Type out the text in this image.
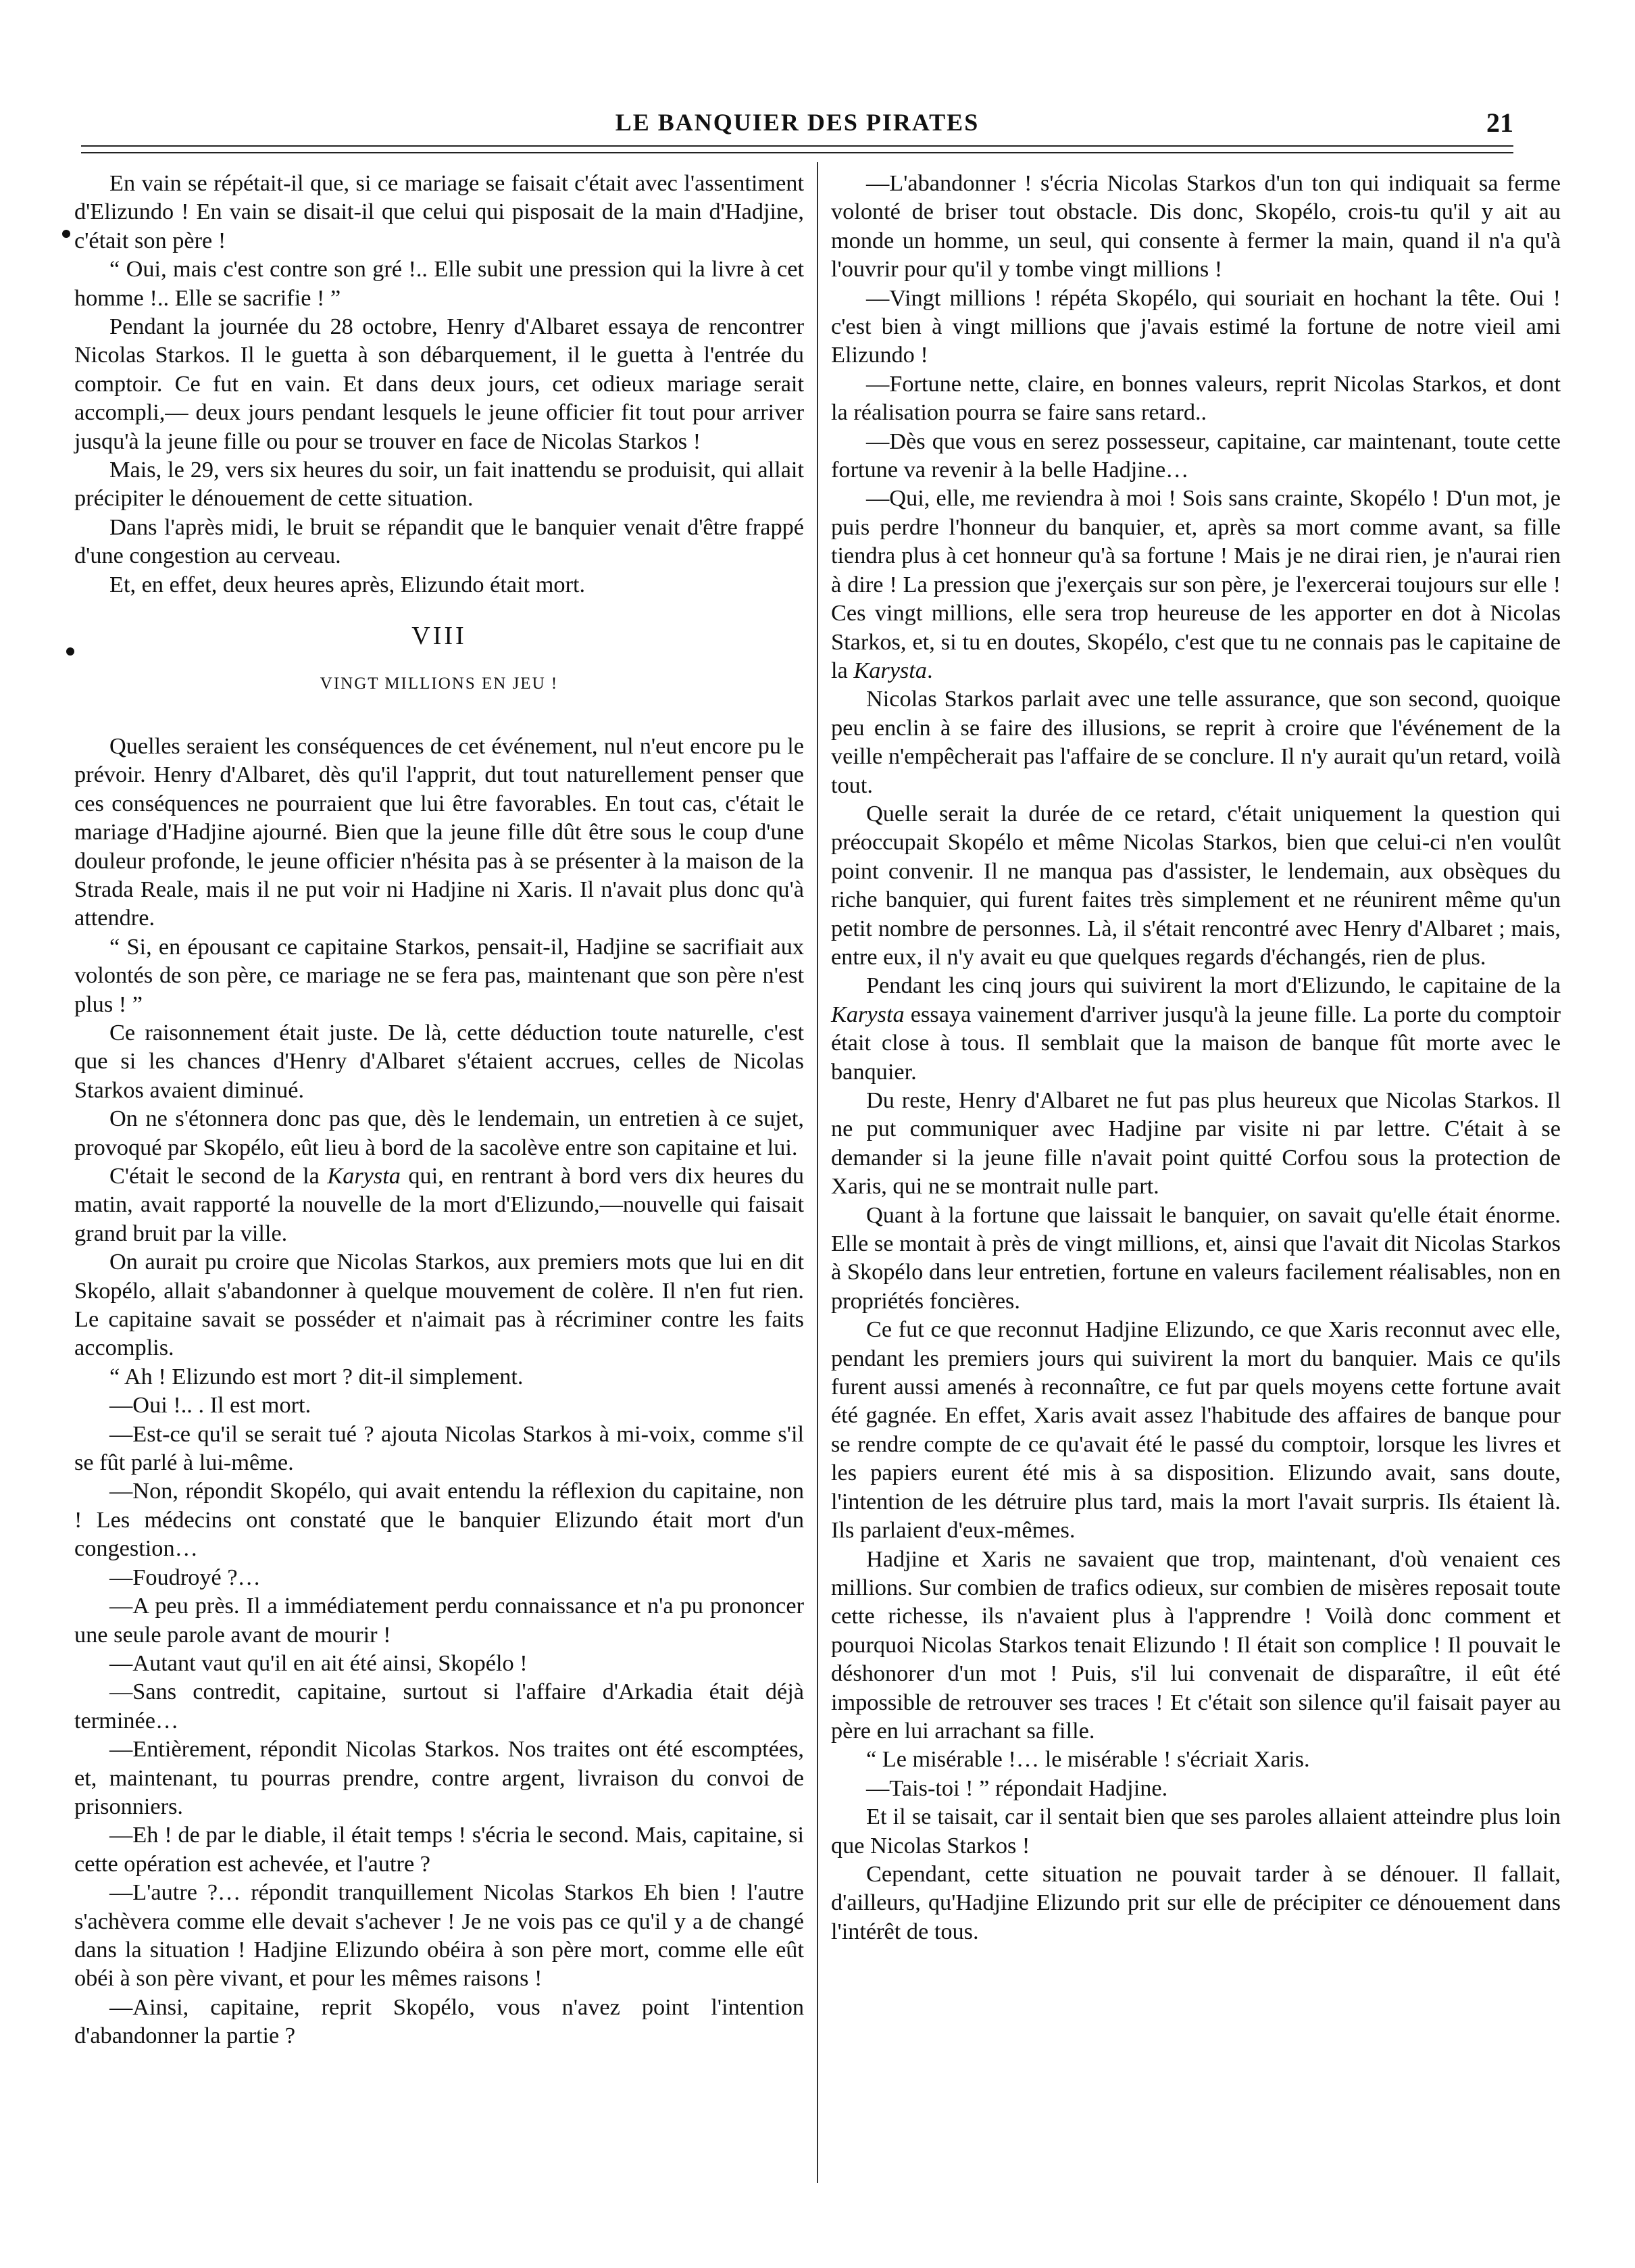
LE BANQUIER DES PIRATES	21

En vain se répétait-il que, si ce mariage se faisait c'était avec l'assentiment d'Elizundo ! En vain se disait-il que celui qui pisposait de la main d'Hadjine, c'était son père !

“ Oui, mais c'est contre son gré !.. Elle subit une pression qui la livre à cet homme !.. Elle se sacrifie ! ”

Pendant la journée du 28 octobre, Henry d'Albaret essaya de rencontrer Nicolas Starkos. Il le guetta à son débarquement, il le guetta à l'entrée du comptoir. Ce fut en vain. Et dans deux jours, cet odieux mariage serait accompli,— deux jours pendant lesquels le jeune officier fit tout pour arriver jusqu'à la jeune fille ou pour se trouver en face de Nicolas Starkos !

Mais, le 29, vers six heures du soir, un fait inattendu se produisit, qui allait précipiter le dénouement de cette situation.

Dans l'après midi, le bruit se répandit que le banquier venait d'être frappé d'une congestion au cerveau.

Et, en effet, deux heures après, Elizundo était mort.

VIII
VINGT MILLIONS EN JEU !

Quelles seraient les conséquences de cet événement, nul n'eut encore pu le prévoir. Henry d'Albaret, dès qu'il l'apprit, dut tout naturellement penser que ces conséquences ne pourraient que lui être favorables. En tout cas, c'était le mariage d'Hadjine ajourné. Bien que la jeune fille dût être sous le coup d'une douleur profonde, le jeune officier n'hésita pas à se présenter à la maison de la Strada Reale, mais il ne put voir ni Hadjine ni Xaris. Il n'avait plus donc qu'à attendre.

“ Si, en épousant ce capitaine Starkos, pensait-il, Hadjine se sacrifiait aux volontés de son père, ce mariage ne se fera pas, maintenant que son père n'est plus ! ”

Ce raisonnement était juste. De là, cette déduction toute naturelle, c'est que si les chances d'Henry d'Albaret s'étaient accrues, celles de Nicolas Starkos avaient diminué.

On ne s'étonnera donc pas que, dès le lendemain, un entretien à ce sujet, provoqué par Skopélo, eût lieu à bord de la sacolève entre son capitaine et lui.

C'était le second de la Karysta qui, en rentrant à bord vers dix heures du matin, avait rapporté la nouvelle de la mort d'Elizundo,—nouvelle qui faisait grand bruit par la ville.

On aurait pu croire que Nicolas Starkos, aux premiers mots que lui en dit Skopélo, allait s'abandonner à quelque mouvement de colère. Il n'en fut rien. Le capitaine savait se posséder et n'aimait pas à récriminer contre les faits accomplis.

“ Ah ! Elizundo est mort ? dit-il simplement.

—Oui !.. . Il est mort.

—Est-ce qu'il se serait tué ? ajouta Nicolas Starkos à mi-voix, comme s'il se fût parlé à lui-même.

—Non, répondit Skopélo, qui avait entendu la réflexion du capitaine, non ! Les médecins ont constaté que le banquier Elizundo était mort d'un congestion…

—Foudroyé ?…

—A peu près. Il a immédiatement perdu connaissance et n'a pu prononcer une seule parole avant de mourir !

—Autant vaut qu'il en ait été ainsi, Skopélo !

—Sans contredit, capitaine, surtout si l'affaire d'Arkadia était déjà terminée…

—Entièrement, répondit Nicolas Starkos. Nos traites ont été escomptées, et, maintenant, tu pourras prendre, contre argent, livraison du convoi de prisonniers.

—Eh ! de par le diable, il était temps ! s'écria le second. Mais, capitaine, si cette opération est achevée, et l'autre ?

—L'autre ?… répondit tranquillement Nicolas Starkos Eh bien ! l'autre s'achèvera comme elle devait s'achever ! Je ne vois pas ce qu'il y a de changé dans la situation ! Hadjine Elizundo obéira à son père mort, comme elle eût obéi à son père vivant, et pour les mêmes raisons !

—Ainsi, capitaine, reprit Skopélo, vous n'avez point l'intention d'abandonner la partie ?

—L'abandonner ! s'écria Nicolas Starkos d'un ton qui indiquait sa ferme volonté de briser tout obstacle. Dis donc, Skopélo, crois-tu qu'il y ait au monde un homme, un seul, qui consente à fermer la main, quand il n'a qu'à l'ouvrir pour qu'il y tombe vingt millions !

—Vingt millions ! répéta Skopélo, qui souriait en hochant la tête. Oui ! c'est bien à vingt millions que j'avais estimé la fortune de notre vieil ami Elizundo !

—Fortune nette, claire, en bonnes valeurs, reprit Nicolas Starkos, et dont la réalisation pourra se faire sans retard..

—Dès que vous en serez possesseur, capitaine, car maintenant, toute cette fortune va revenir à la belle Hadjine…

—Qui, elle, me reviendra à moi ! Sois sans crainte, Skopélo ! D'un mot, je puis perdre l'honneur du banquier, et, après sa mort comme avant, sa fille tiendra plus à cet honneur qu'à sa fortune ! Mais je ne dirai rien, je n'aurai rien à dire ! La pression que j'exerçais sur son père, je l'exercerai toujours sur elle ! Ces vingt millions, elle sera trop heureuse de les apporter en dot à Nicolas Starkos, et, si tu en doutes, Skopélo, c'est que tu ne connais pas le capitaine de la Karysta.

Nicolas Starkos parlait avec une telle assurance, que son second, quoique peu enclin à se faire des illusions, se reprit à croire que l'événement de la veille n'empêcherait pas l'affaire de se conclure. Il n'y aurait qu'un retard, voilà tout.

Quelle serait la durée de ce retard, c'était uniquement la question qui préoccupait Skopélo et même Nicolas Starkos, bien que celui-ci n'en voulût point convenir. Il ne manqua pas d'assister, le lendemain, aux obsèques du riche banquier, qui furent faites très simplement et ne réunirent même qu'un petit nombre de personnes. Là, il s'était rencontré avec Henry d'Albaret ; mais, entre eux, il n'y avait eu que quelques regards d'échangés, rien de plus.

Pendant les cinq jours qui suivirent la mort d'Elizundo, le capitaine de la Karysta essaya vainement d'arriver jusqu'à la jeune fille. La porte du comptoir était close à tous. Il semblait que la maison de banque fût morte avec le banquier.

Du reste, Henry d'Albaret ne fut pas plus heureux que Nicolas Starkos. Il ne put communiquer avec Hadjine par visite ni par lettre. C'était à se demander si la jeune fille n'avait point quitté Corfou sous la protection de Xaris, qui ne se montrait nulle part.

Quant à la fortune que laissait le banquier, on savait qu'elle était énorme. Elle se montait à près de vingt millions, et, ainsi que l'avait dit Nicolas Starkos à Skopélo dans leur entretien, fortune en valeurs facilement réalisables, non en propriétés foncières.

Ce fut ce que reconnut Hadjine Elizundo, ce que Xaris reconnut avec elle, pendant les premiers jours qui suivirent la mort du banquier. Mais ce qu'ils furent aussi amenés à reconnaître, ce fut par quels moyens cette fortune avait été gagnée. En effet, Xaris avait assez l'habitude des affaires de banque pour se rendre compte de ce qu'avait été le passé du comptoir, lorsque les livres et les papiers eurent été mis à sa disposition. Elizundo avait, sans doute, l'intention de les détruire plus tard, mais la mort l'avait surpris. Ils étaient là. Ils parlaient d'eux-mêmes.

Hadjine et Xaris ne savaient que trop, maintenant, d'où venaient ces millions. Sur combien de trafics odieux, sur combien de misères reposait toute cette richesse, ils n'avaient plus à l'apprendre ! Voilà donc comment et pourquoi Nicolas Starkos tenait Elizundo ! Il était son complice ! Il pouvait le déshonorer d'un mot ! Puis, s'il lui convenait de disparaître, il eût été impossible de retrouver ses traces ! Et c'était son silence qu'il faisait payer au père en lui arrachant sa fille.

“ Le misérable !… le misérable ! s'écriait Xaris.

—Tais-toi ! ” répondait Hadjine.

Et il se taisait, car il sentait bien que ses paroles allaient atteindre plus loin que Nicolas Starkos !

Cependant, cette situation ne pouvait tarder à se dénouer. Il fallait, d'ailleurs, qu'Hadjine Elizundo prit sur elle de précipiter ce dénouement dans l'intérêt de tous.
